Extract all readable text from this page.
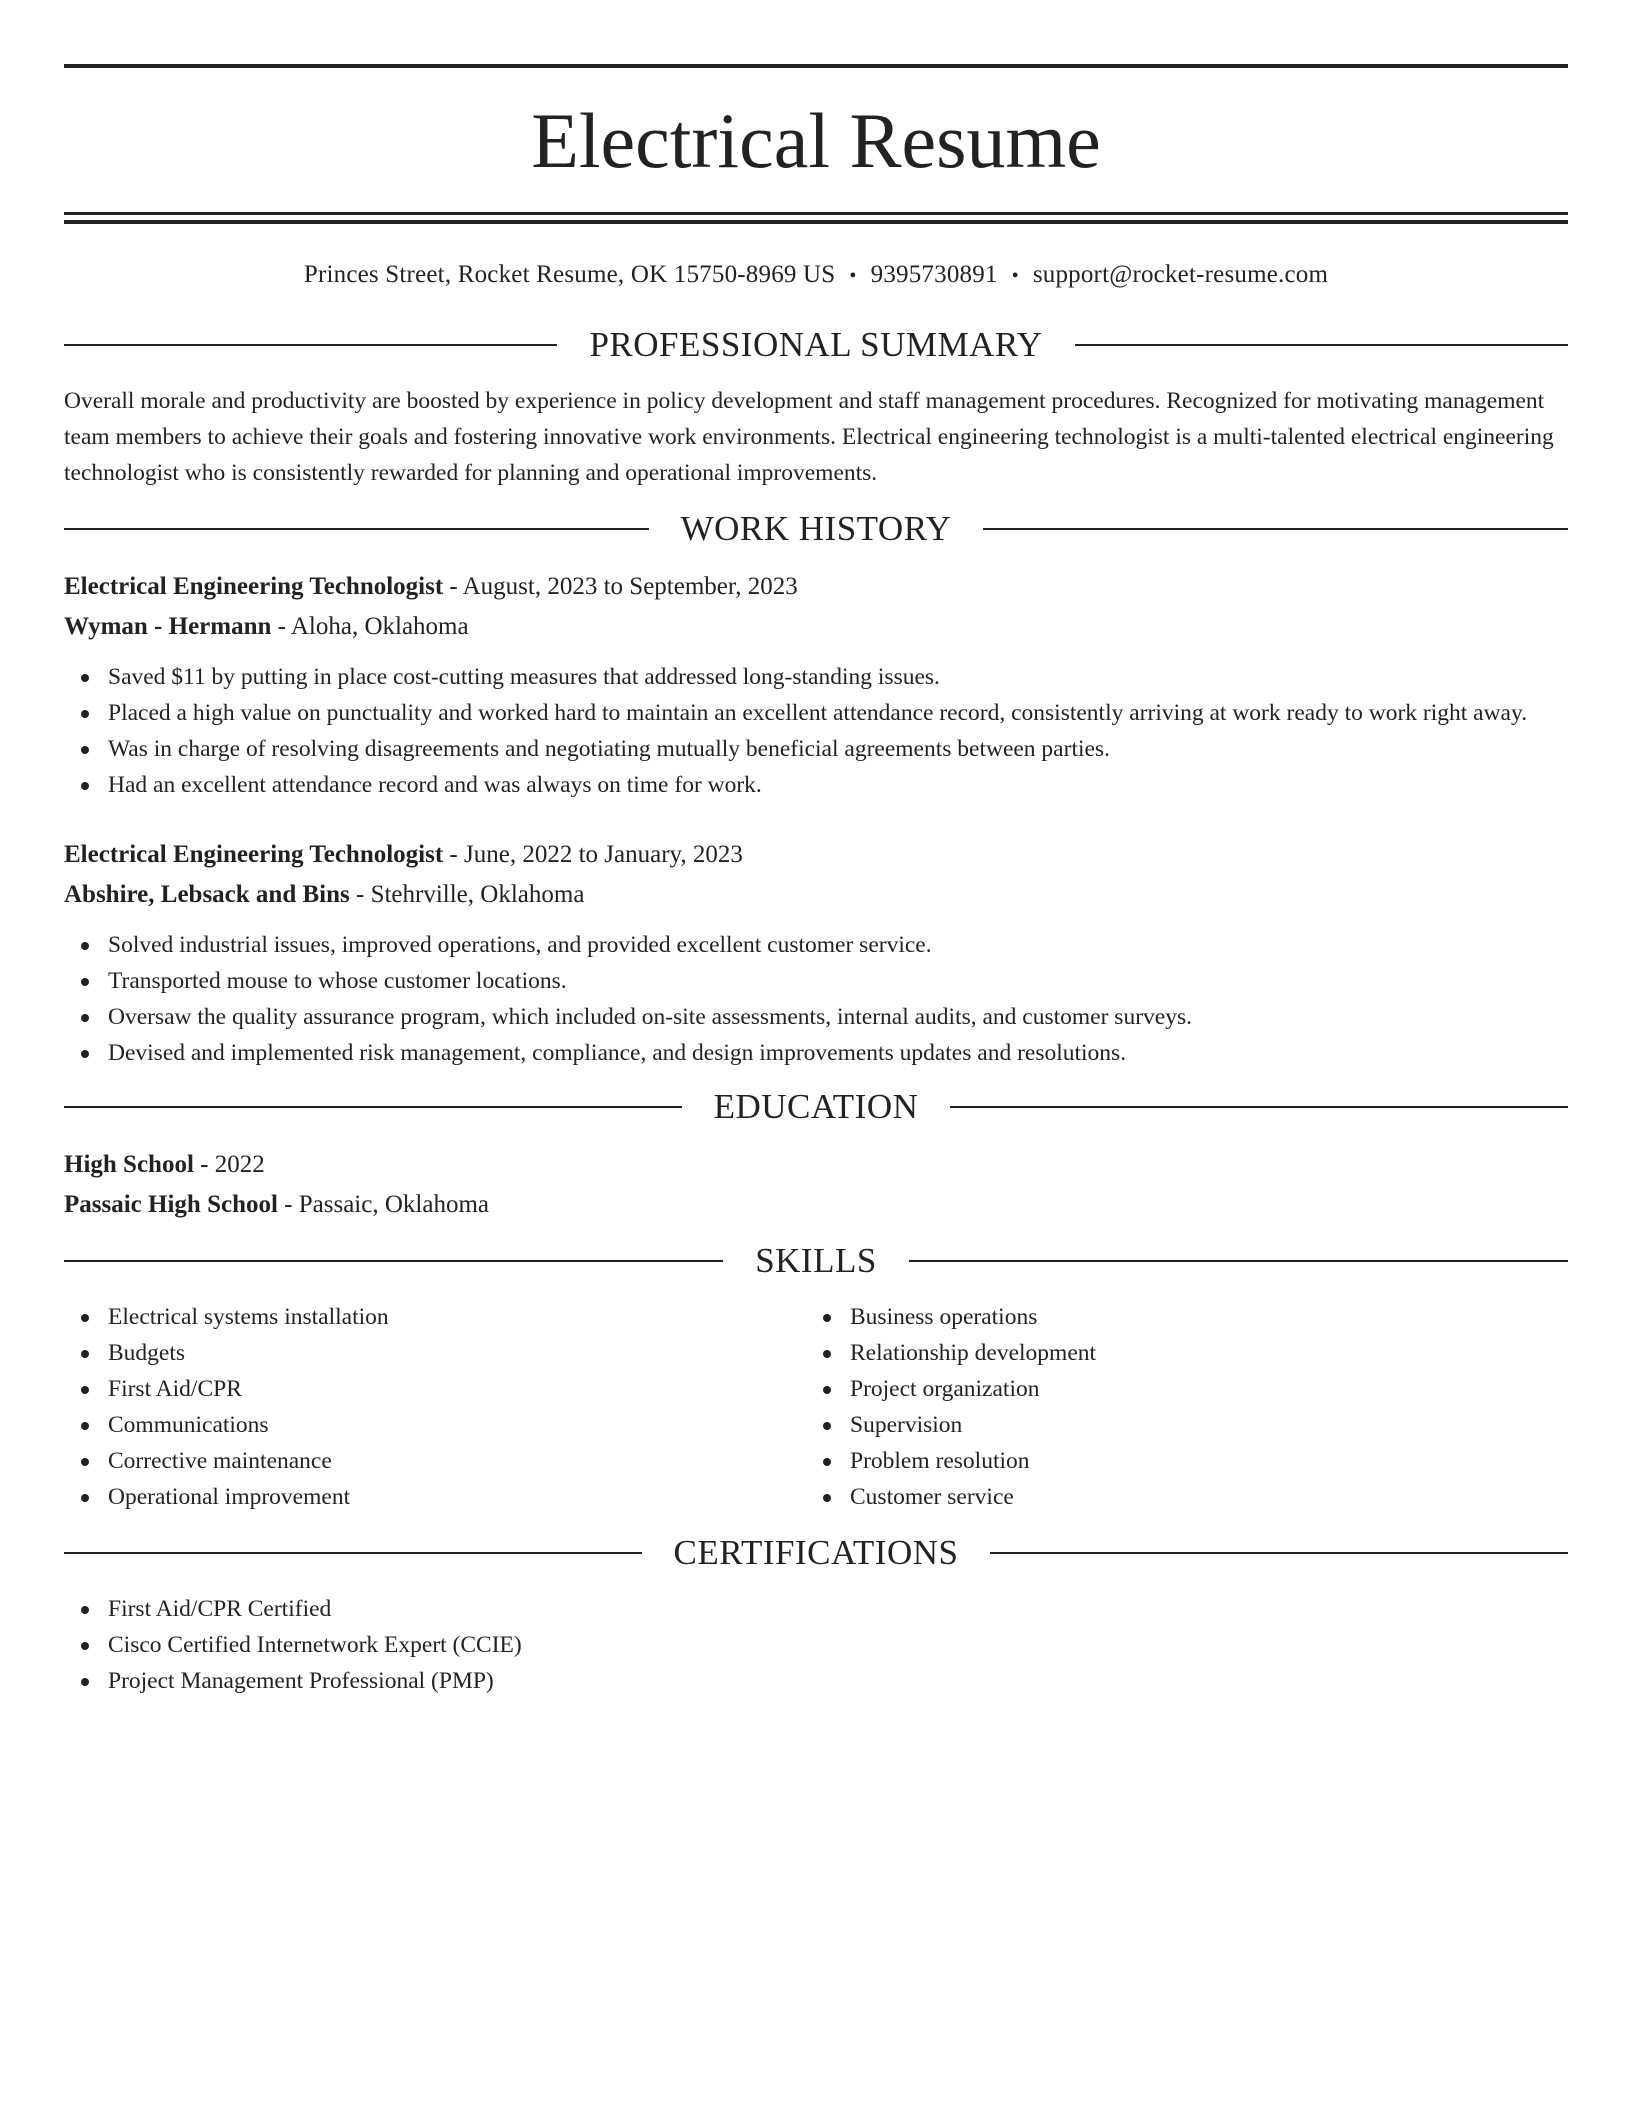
Electrical Resume
Princes Street, Rocket Resume, OK 15750-8969 US • 9395730891 • support@rocket-resume.com
PROFESSIONAL SUMMARY

Overall morale and productivity are boosted by experience in policy development and staff management procedures. Recognized for motivating management team members to achieve their goals and fostering innovative work environments. Electrical engineering technologist is a multi-talented electrical engineering technologist who is consistently rewarded for planning and operational improvements.

WORK HISTORY
Electrical Engineering Technologist - August, 2023 to September, 2023
Wyman - Hermann - Aloha, Oklahoma
Saved $11 by putting in place cost-cutting measures that addressed long-standing issues.
Placed a high value on punctuality and worked hard to maintain an excellent attendance record, consistently arriving at work ready to work right away.
Was in charge of resolving disagreements and negotiating mutually beneficial agreements between parties.
Had an excellent attendance record and was always on time for work.
Electrical Engineering Technologist - June, 2022 to January, 2023
Abshire, Lebsack and Bins - Stehrville, Oklahoma
Solved industrial issues, improved operations, and provided excellent customer service.
Transported mouse to whose customer locations.
Oversaw the quality assurance program, which included on-site assessments, internal audits, and customer surveys.
Devised and implemented risk management, compliance, and design improvements updates and resolutions.
EDUCATION
High School - 2022
Passaic High School - Passaic, Oklahoma
SKILLS
Electrical systems installation
Budgets
First Aid/CPR
Communications
Corrective maintenance
Operational improvement
Business operations
Relationship development
Project organization
Supervision
Problem resolution
Customer service
CERTIFICATIONS
First Aid/CPR Certified
Cisco Certified Internetwork Expert (CCIE)
Project Management Professional (PMP)
